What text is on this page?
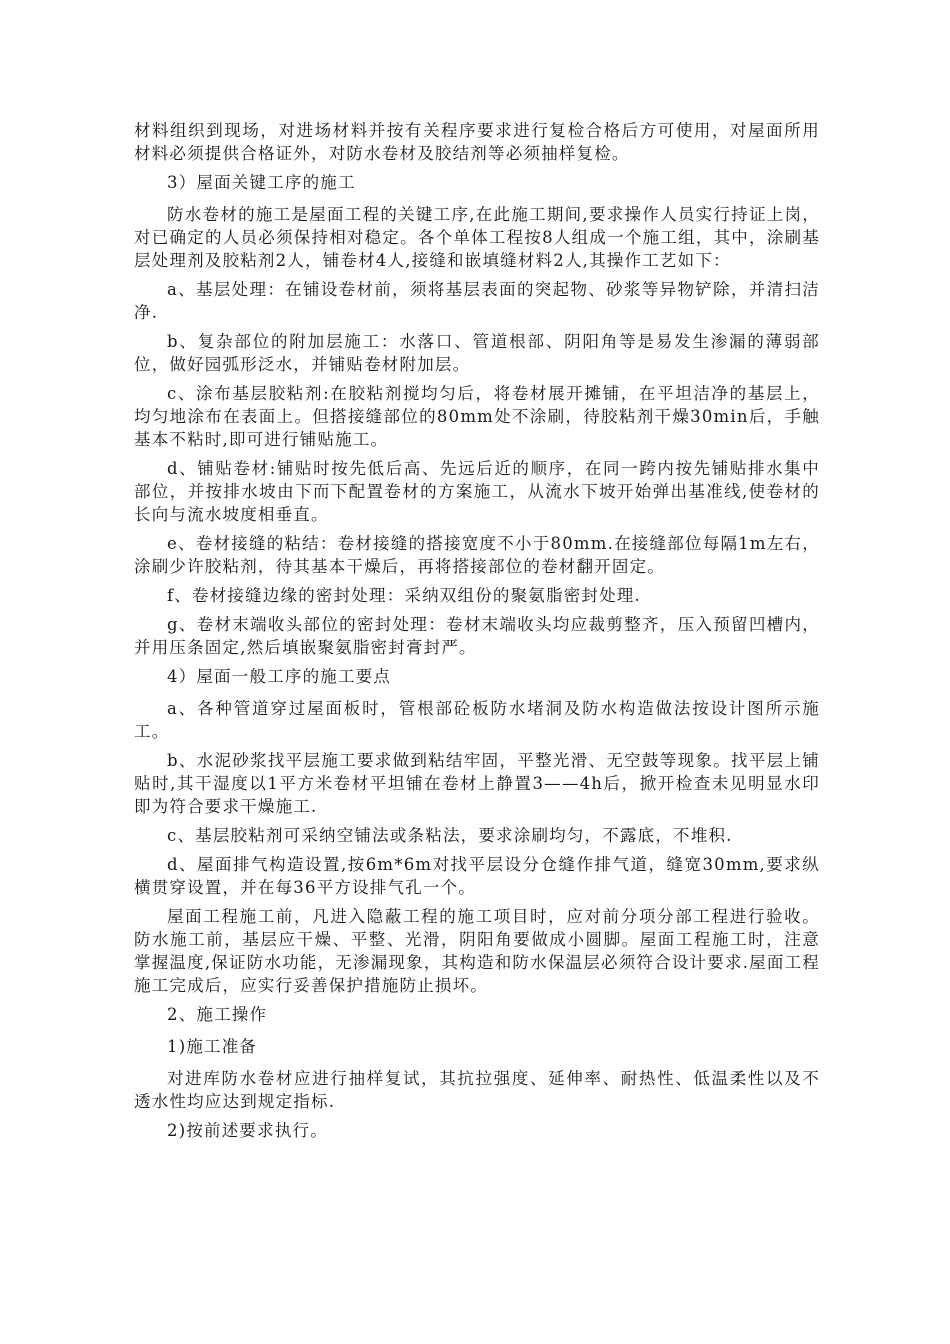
材料组织到现场，对进场材料并按有关程序要求进行复检合格后方可使用，对屋面所用材料必须提供合格证外，对防水卷材及胶结剂等必须抽样复检。

3）屋面关键工序的施工

防水卷材的施工是屋面工程的关键工序,在此施工期间,要求操作人员实行持证上岗，对已确定的人员必须保持相对稳定。各个单体工程按8人组成一个施工组，其中，涂刷基层处理剂及胶粘剂2人，铺卷材4人,接缝和嵌填缝材料2人,其操作工艺如下：

a、基层处理：在铺设卷材前，须将基层表面的突起物、砂浆等异物铲除，并清扫洁净.

b、复杂部位的附加层施工：水落口、管道根部、阴阳角等是易发生渗漏的薄弱部位，做好园弧形泛水，并铺贴卷材附加层。

c、涂布基层胶粘剂:在胶粘剂搅均匀后，将卷材展开摊铺，在平坦洁净的基层上，均匀地涂布在表面上。但搭接缝部位的80mm处不涂刷，待胶粘剂干燥30min后，手触基本不粘时,即可进行铺贴施工。

d、铺贴卷材:铺贴时按先低后高、先远后近的顺序，在同一跨内按先铺贴排水集中部位，并按排水坡由下而下配置卷材的方案施工，从流水下坡开始弹出基准线,使卷材的长向与流水坡度相垂直。

e、卷材接缝的粘结：卷材接缝的搭接宽度不小于80mm.在接缝部位每隔1m左右，涂刷少许胶粘剂，待其基本干燥后，再将搭接部位的卷材翻开固定。

f、卷材接缝边缘的密封处理：采纳双组份的聚氨脂密封处理.

g、卷材末端收头部位的密封处理：卷材末端收头均应裁剪整齐，压入预留凹槽内，并用压条固定,然后填嵌聚氨脂密封膏封严。

4）屋面一般工序的施工要点

a、各种管道穿过屋面板时，管根部砼板防水堵洞及防水构造做法按设计图所示施工。

b、水泥砂浆找平层施工要求做到粘结牢固，平整光滑、无空鼓等现象。找平层上铺贴时,其干湿度以1平方米卷材平坦铺在卷材上静置3——4h后，掀开检查未见明显水印即为符合要求干燥施工.

c、基层胶粘剂可采纳空铺法或条粘法，要求涂刷均匀，不露底，不堆积.

d、屋面排气构造设置,按6m*6m对找平层设分仓缝作排气道，缝宽30mm,要求纵横贯穿设置，并在每36平方设排气孔一个。

屋面工程施工前，凡进入隐蔽工程的施工项目时，应对前分项分部工程进行验收。防水施工前，基层应干燥、平整、光滑，阴阳角要做成小圆脚。屋面工程施工时，注意掌握温度,保证防水功能，无渗漏现象，其构造和防水保温层必须符合设计要求.屋面工程施工完成后，应实行妥善保护措施防止损坏。

2、施工操作

1)施工准备

对进库防水卷材应进行抽样复试，其抗拉强度、延伸率、耐热性、低温柔性以及不透水性均应达到规定指标.

2)按前述要求执行。
